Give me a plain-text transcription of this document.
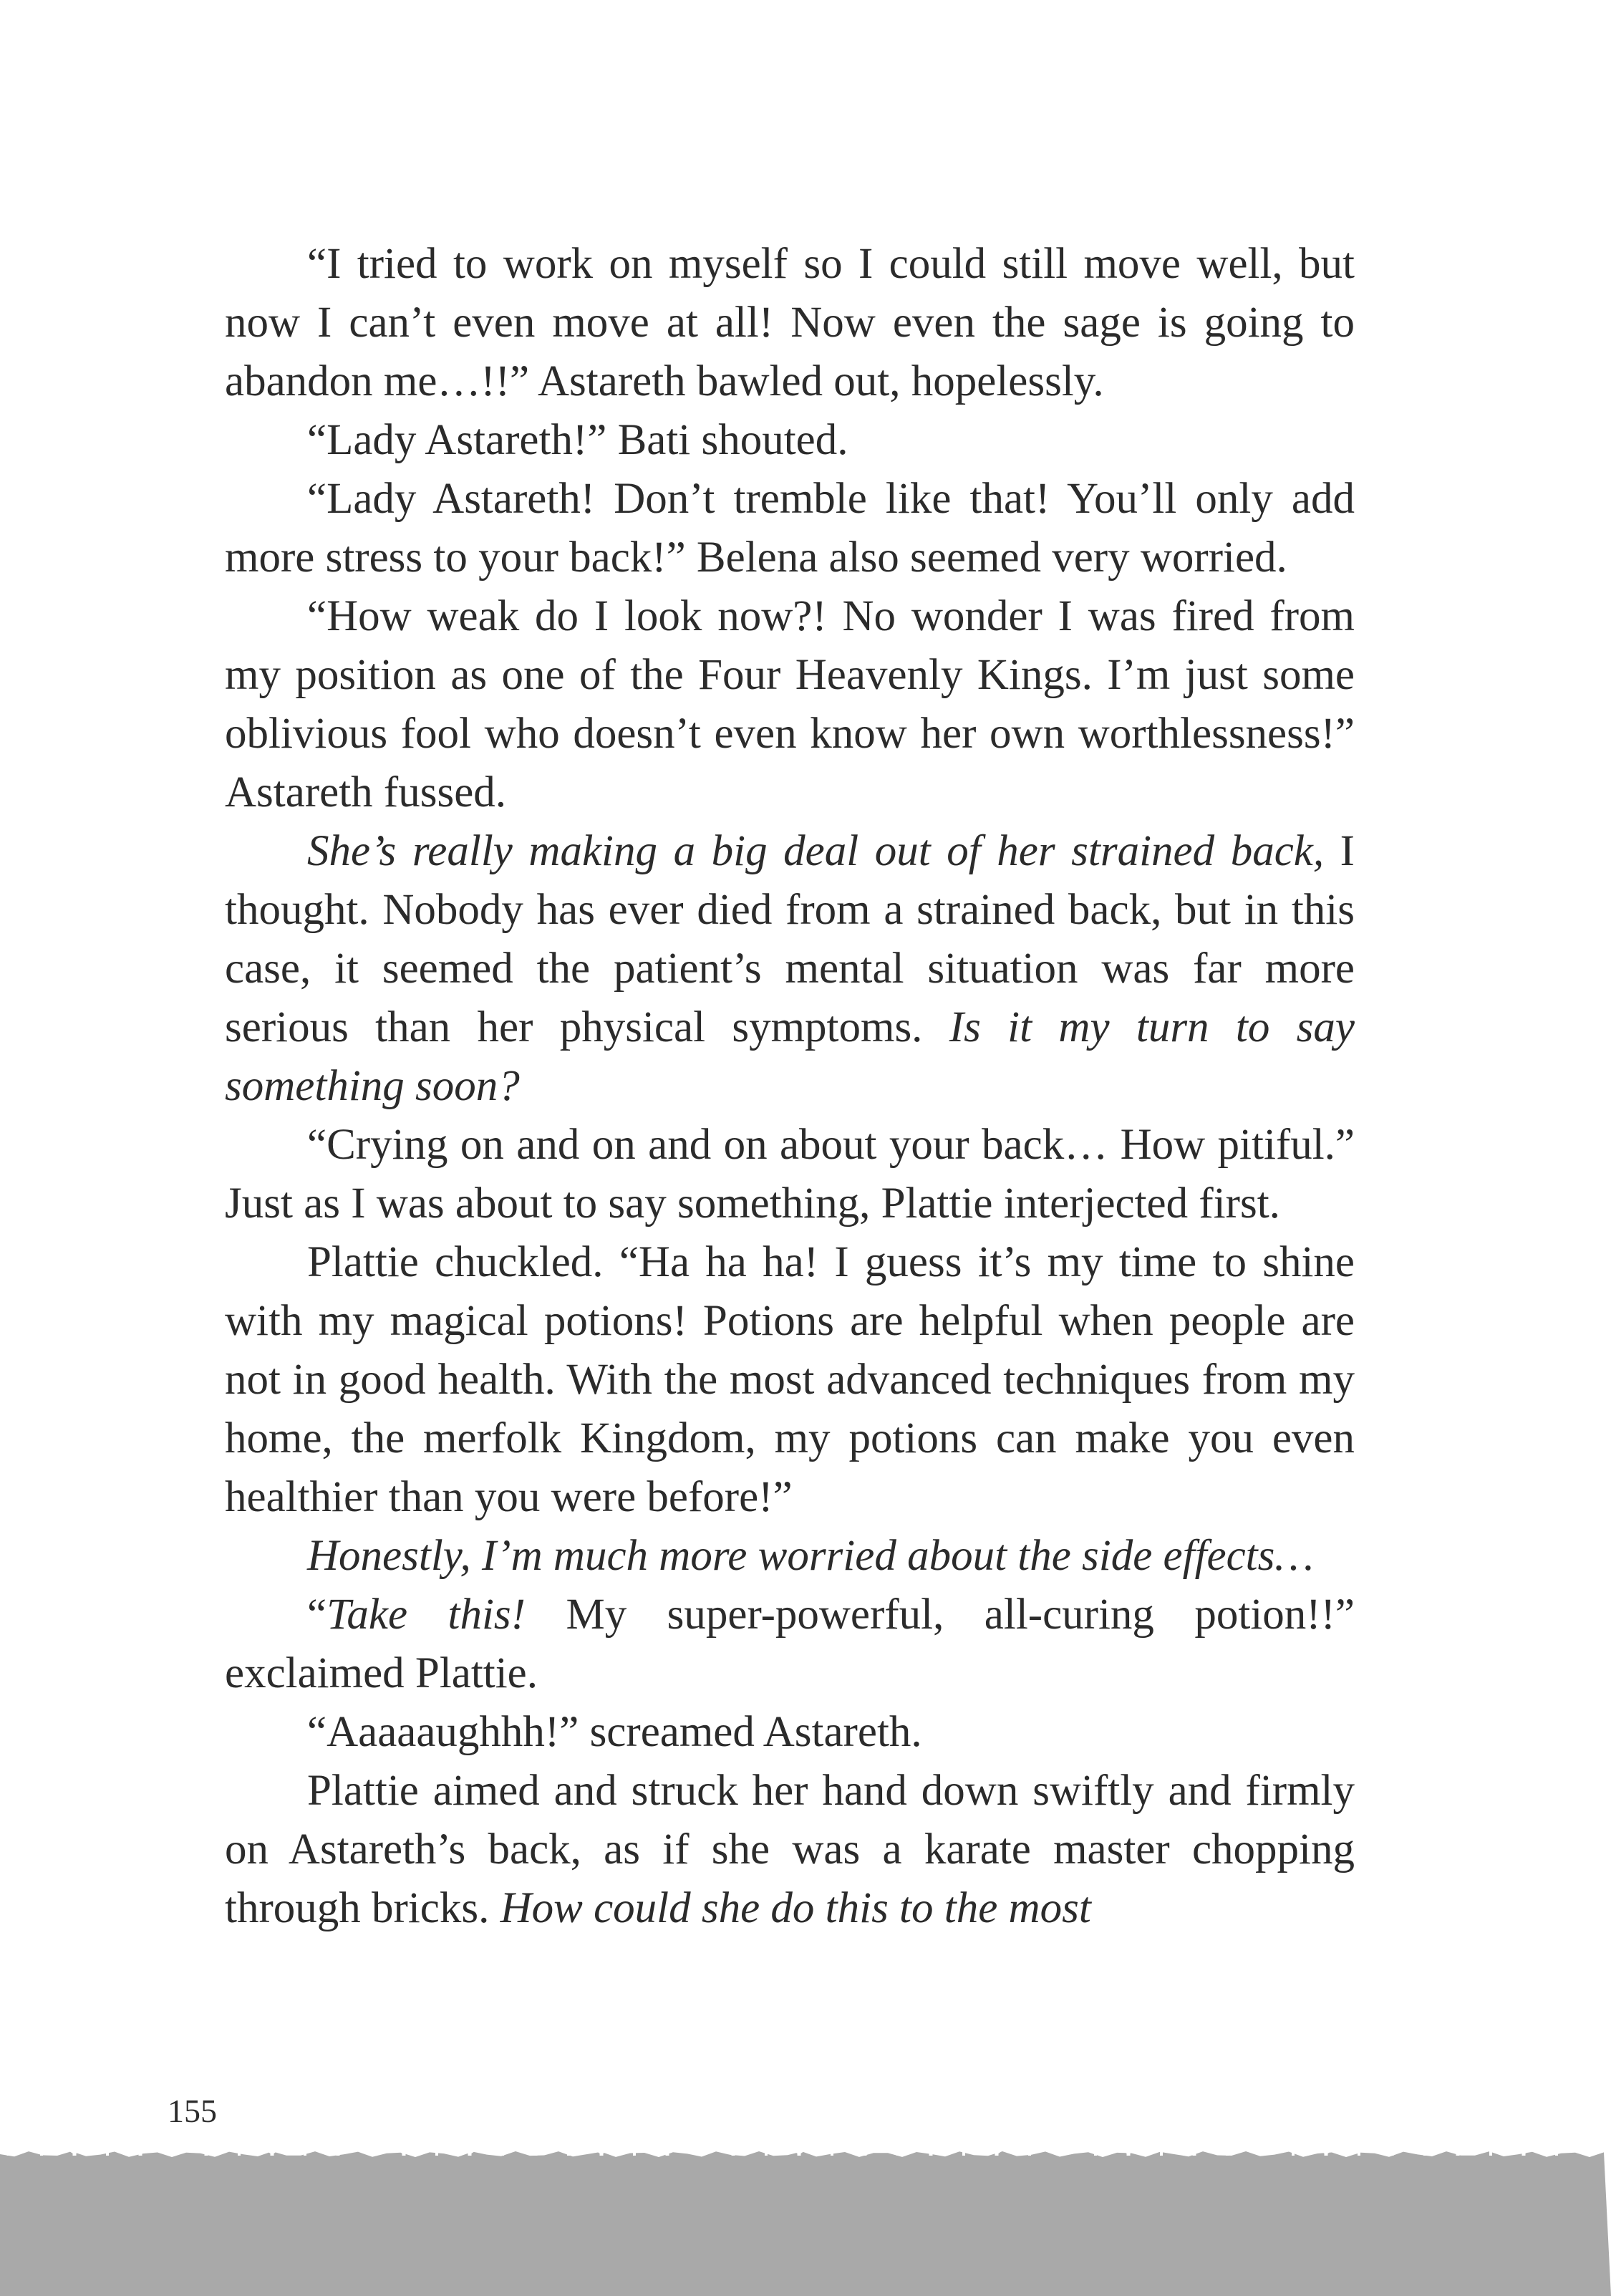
“I tried to work on myself so I could still move well, but now I can’t even move at all! Now even the sage is going to abandon me…!!” Astareth bawled out, hopelessly.

“Lady Astareth!” Bati shouted.

“Lady Astareth! Don’t tremble like that! You’ll only add more stress to your back!” Belena also seemed very worried.

“How weak do I look now?! No wonder I was fired from my position as one of the Four Heavenly Kings. I’m just some oblivious fool who doesn’t even know her own worthlessness!” Astareth fussed.

She’s really making a big deal out of her strained back, I thought. Nobody has ever died from a strained back, but in this case, it seemed the patient’s mental situation was far more serious than her physical symptoms. Is it my turn to say something soon?

“Crying on and on and on about your back… How pitiful.” Just as I was about to say something, Plattie interjected first.

Plattie chuckled. “Ha ha ha! I guess it’s my time to shine with my magical potions! Potions are helpful when people are not in good health. With the most advanced techniques from my home, the merfolk Kingdom, my potions can make you even healthier than you were before!”

Honestly, I’m much more worried about the side effects…

“Take this! My super-powerful, all-curing potion!!” exclaimed Plattie.

“Aaaaaughhh!” screamed Astareth.

Plattie aimed and struck her hand down swiftly and firmly on Astareth’s back, as if she was a karate master chopping through bricks. How could she do this to the most

155
